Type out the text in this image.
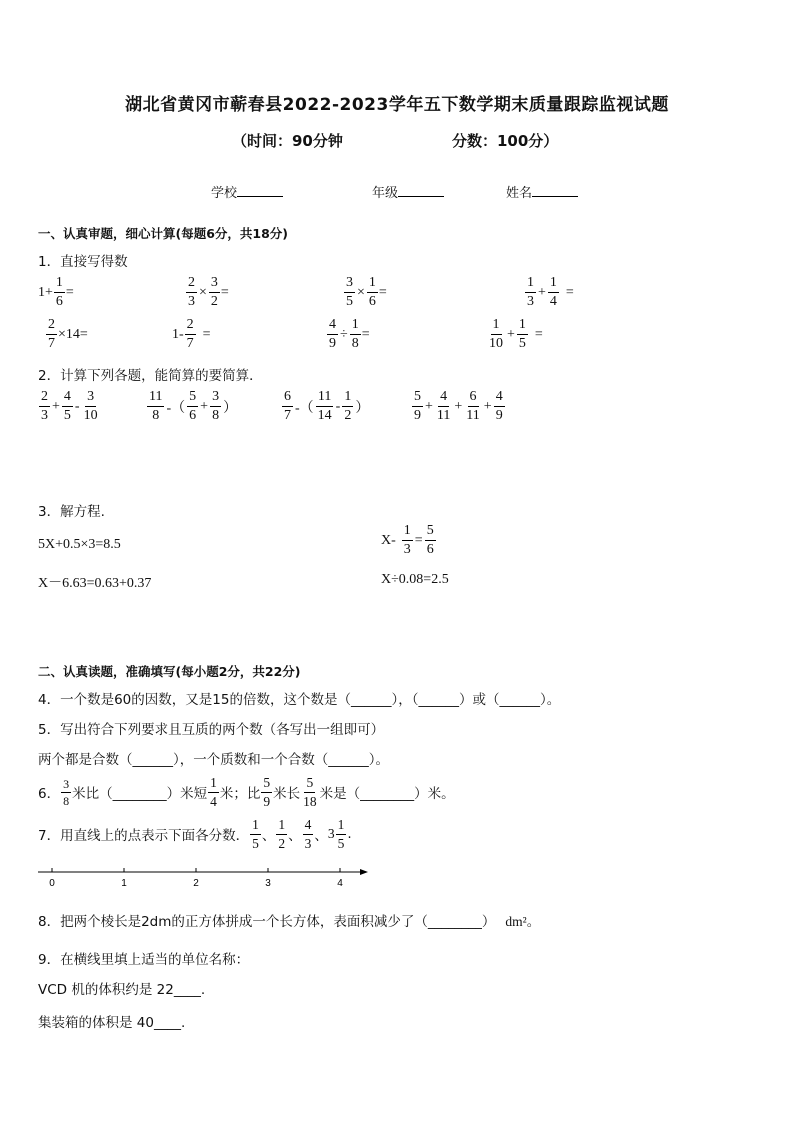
湖北省黄冈市蕲春县2022-2023学年五下数学期末质量跟踪监视试题
（时间：90分钟	分数：100分）
学校	年级	姓名
一、认真审题，细心计算(每题6分，共18分)
1．直接写得数
$1+ \frac{1}{6}$ =	$\frac{2}{3} \times \frac{3}{2}$ =	$\frac{3}{5} \times \frac{1}{6}$ =	$\frac{1}{3} + \frac{1}{4}$ =
$\frac{2}{7} \times 14=$	$1- \frac{2}{7}$ =	$\frac{4}{9} \div \frac{1}{8}$ =	$\frac{1}{10} + \frac{1}{5}$ =
2．计算下列各题，能简算的要简算．
$\frac{2}{3} + \frac{4}{5} - \frac{3}{10}$	$\frac{11}{8}$ -（ $\frac{5}{6} + \frac{3}{8}$ ）	$\frac{6}{7}$ -（ $\frac{11}{14} - \frac{1}{2}$ ）	$\frac{5}{9} + \frac{4}{11} + \frac{6}{11} + \frac{4}{9}$
3．解方程.
5X+0.5×3=8.5	$X- \frac{1}{3} = \frac{5}{6}$
X－6.63=0.63+0.37	X÷0.08=2.5
二、认真读题，准确填写(每小题2分，共22分)
4．一个数是60的因数，又是15的倍数，这个数是（______），（______）或（______）。
5．写出符合下列要求且互质的两个数（各写出一组即可）
两个都是合数（______），一个质数和一个合数（______）。
6． $\frac{3}{8}$ 米比（________）米短 $\frac{1}{4}$ 米；比 $\frac{5}{9}$ 米长 $\frac{5}{18}$ 米是（________）米。
7．用直线上的点表示下面各分数． $\frac{1}{5}$ 、 $\frac{1}{2}$ 、 $\frac{4}{3}$ 、 $3 \frac{1}{5}$ .
0	1	2	3	4
8．把两个棱长是2dm的正方体拼成一个长方体，表面积减少了（________） dm²。
9．在横线里填上适当的单位名称：
VCD 机的体积约是 22____.
集装箱的体积是 40____.
